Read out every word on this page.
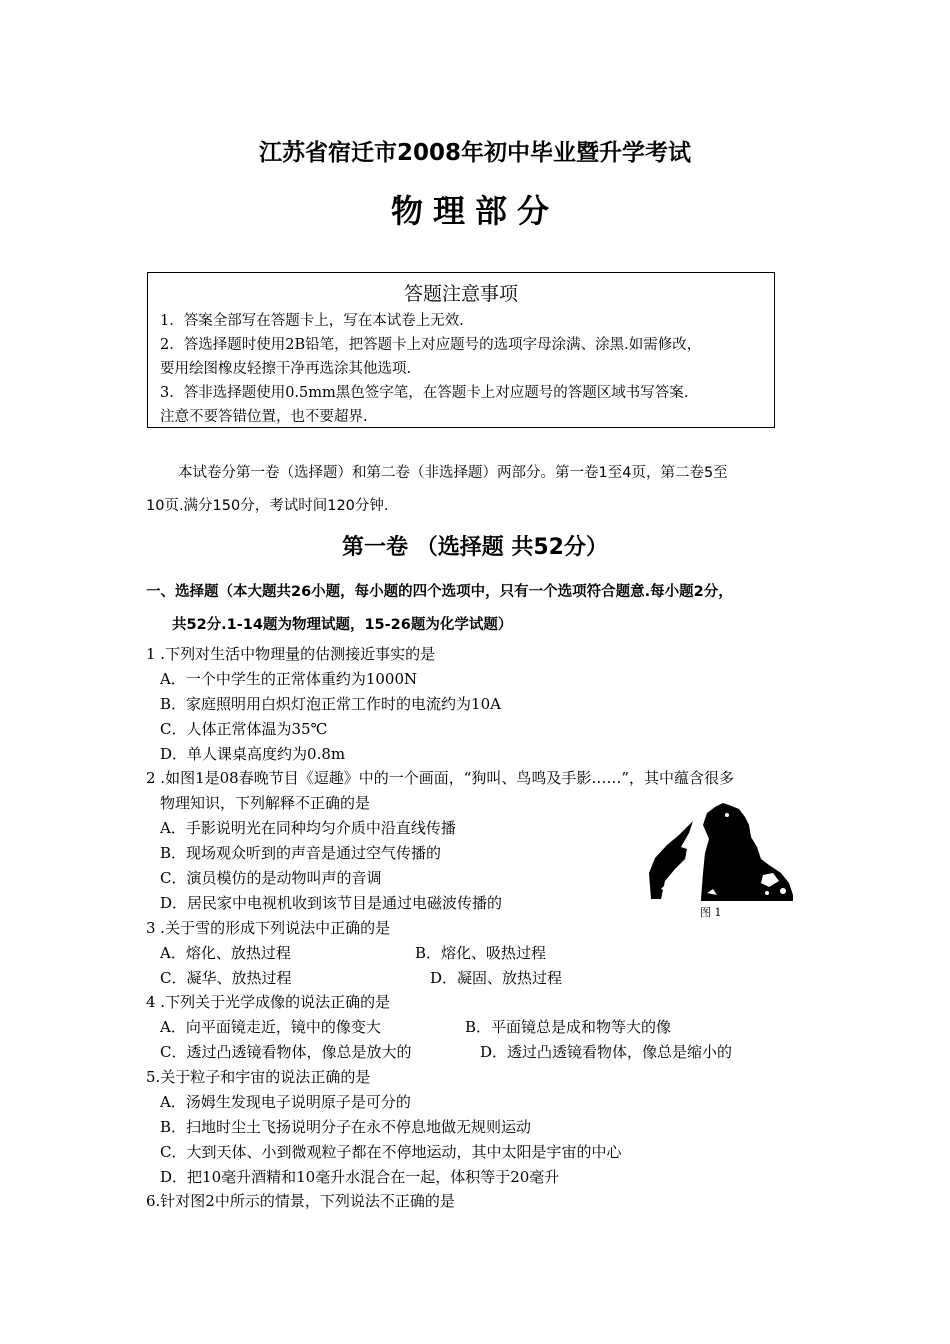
江苏省宿迁市2008年初中毕业暨升学考试
物理部分
答题注意事项
1．答案全部写在答题卡上，写在本试卷上无效.
2．答选择题时使用2B铅笔，把答题卡上对应题号的选项字母涂满、涂黑.如需修改，
要用绘图橡皮轻擦干净再选涂其他选项.
3．答非选择题使用0.5mm黑色签字笔，在答题卡上对应题号的答题区域书写答案.
注意不要答错位置，也不要超界.
本试卷分第一卷（选择题）和第二卷（非选择题）两部分。第一卷1至4页，第二卷5至
10页.满分150分，考试时间120分钟.
第一卷 （选择题 共52分）
一、选择题（本大题共26小题，每小题的四个选项中，只有一个选项符合题意.每小题2分，
共52分.1-14题为物理试题，15-26题为化学试题）
1 .下列对生活中物理量的估测接近事实的是
A．一个中学生的正常体重约为1000N
B．家庭照明用白炽灯泡正常工作时的电流约为10A
C．人体正常体温为35℃
D．单人课桌高度约为0.8m
2 .如图1是08春晚节目《逗趣》中的一个画面，“狗叫、鸟鸣及手影……”，其中蕴含很多
物理知识，下列解释不正确的是
A．手影说明光在同种均匀介质中沿直线传播
B．现场观众听到的声音是通过空气传播的
C．演员模仿的是动物叫声的音调
D．居民家中电视机收到该节目是通过电磁波传播的
图 1
3 .关于雪的形成下列说法中正确的是
A．熔化、放热过程	B．熔化、吸热过程
C．凝华、放热过程	D．凝固、放热过程
4 .下列关于光学成像的说法正确的是
A．向平面镜走近，镜中的像变大	B．平面镜总是成和物等大的像
C．透过凸透镜看物体，像总是放大的	D．透过凸透镜看物体，像总是缩小的
5.关于粒子和宇宙的说法正确的是
A．汤姆生发现电子说明原子是可分的
B．扫地时尘土飞扬说明分子在永不停息地做无规则运动
C．大到天体、小到微观粒子都在不停地运动，其中太阳是宇宙的中心
D．把10毫升酒精和10毫升水混合在一起，体积等于20毫升
6.针对图2中所示的情景，下列说法不正确的是
